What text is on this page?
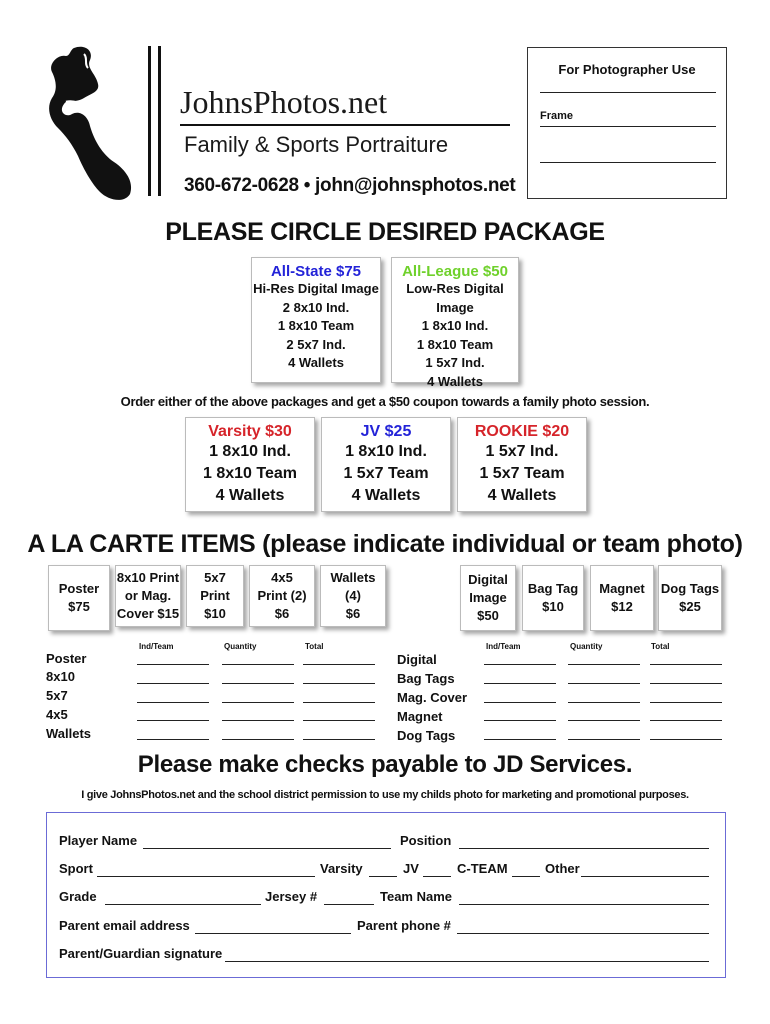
JohnsPhotos.net
Family & Sports Portraiture
360-672-0628 • john@johnsphotos.net
For Photographer Use
Frame
PLEASE CIRCLE DESIRED PACKAGE
All-State $75
Hi-Res Digital Image
2 8x10 Ind.
1 8x10 Team
2 5x7 Ind.
4 Wallets
All-League $50
Low-Res Digital Image
1 8x10 Ind.
1 8x10 Team
1 5x7 Ind.
4 Wallets
Order either of the above packages and get a $50 coupon towards a family photo session.
Varsity $30
1 8x10 Ind.
1 8x10 Team
4 Wallets
JV $25
1 8x10 Ind.
1 5x7 Team
4 Wallets
ROOKIE $20
1 5x7 Ind.
1 5x7 Team
4 Wallets
A LA CARTE ITEMS (please indicate individual or team photo)
Poster
$75
8x10 Print
or Mag.
Cover $15
5x7
Print
$10
4x5
Print (2)
$6
Wallets
(4)
$6
Digital
Image
$50
Bag Tag
$10
Magnet
$12
Dog Tags
$25
Ind/Team	Quantity	Total
Poster
8x10
5x7
4x5
Wallets
Ind/Team	Quantity	Total
Digital
Bag Tags
Mag. Cover
Magnet
Dog Tags
Please make checks payable to JD Services.
I give JohnsPhotos.net and the school district permission to use my childs photo for marketing and promotional purposes.
Player Name	Position
Sport	Varsity	JV	C-TEAM	Other
Grade	Jersey #	Team Name
Parent email address	Parent phone #
Parent/Guardian signature
